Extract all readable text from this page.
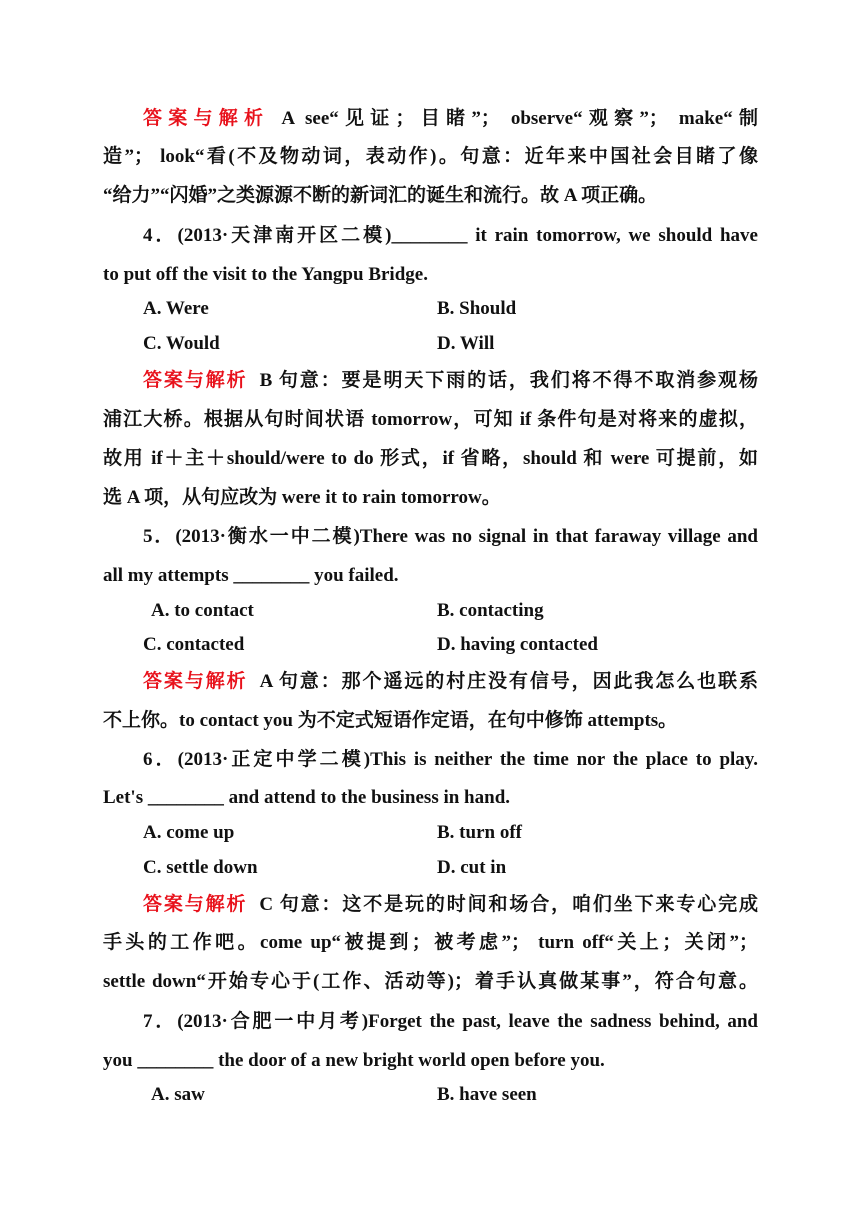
答案与解析 A see“见证；目睹”； observe“观察”； make“制
造”； look“看(不及物动词，表动作)。句意：近年来中国社会目睹了像
“给力”“闪婚”之类源源不断的新词汇的诞生和流行。故 A 项正确。
4．(2013·天津南开区二模)________ it rain tomorrow, we should have
to put off the visit to the Yangpu Bridge.
A. Were	B. Should
C. Would	D. Will
答案与解析 B 句意：要是明天下雨的话，我们将不得不取消参观杨
浦江大桥。根据从句时间状语 tomorrow，可知 if 条件句是对将来的虚拟，
故用 if＋主＋should/were to do 形式，if 省略，should 和 were 可提前，如
选 A 项，从句应改为 were it to rain tomorrow。
5．(2013·衡水一中二模)There was no signal in that faraway village and
all my attempts ________ you failed.
A. to contact	B. contacting
C. contacted	D. having contacted
答案与解析 A 句意：那个遥远的村庄没有信号，因此我怎么也联系
不上你。to contact you 为不定式短语作定语，在句中修饰 attempts。
6．(2013·正定中学二模)This is neither the time nor the place to play.
Let's ________ and attend to the business in hand.
A. come up	B. turn off
C. settle down	D. cut in
答案与解析 C 句意：这不是玩的时间和场合，咱们坐下来专心完成
手头的工作吧。come up“被提到；被考虑”； turn off“关上；关闭”；
settle down“开始专心于(工作、活动等)；着手认真做某事”，符合句意。
7．(2013·合肥一中月考)Forget the past, leave the sadness behind, and
you ________ the door of a new bright world open before you.
A. saw	B. have seen
